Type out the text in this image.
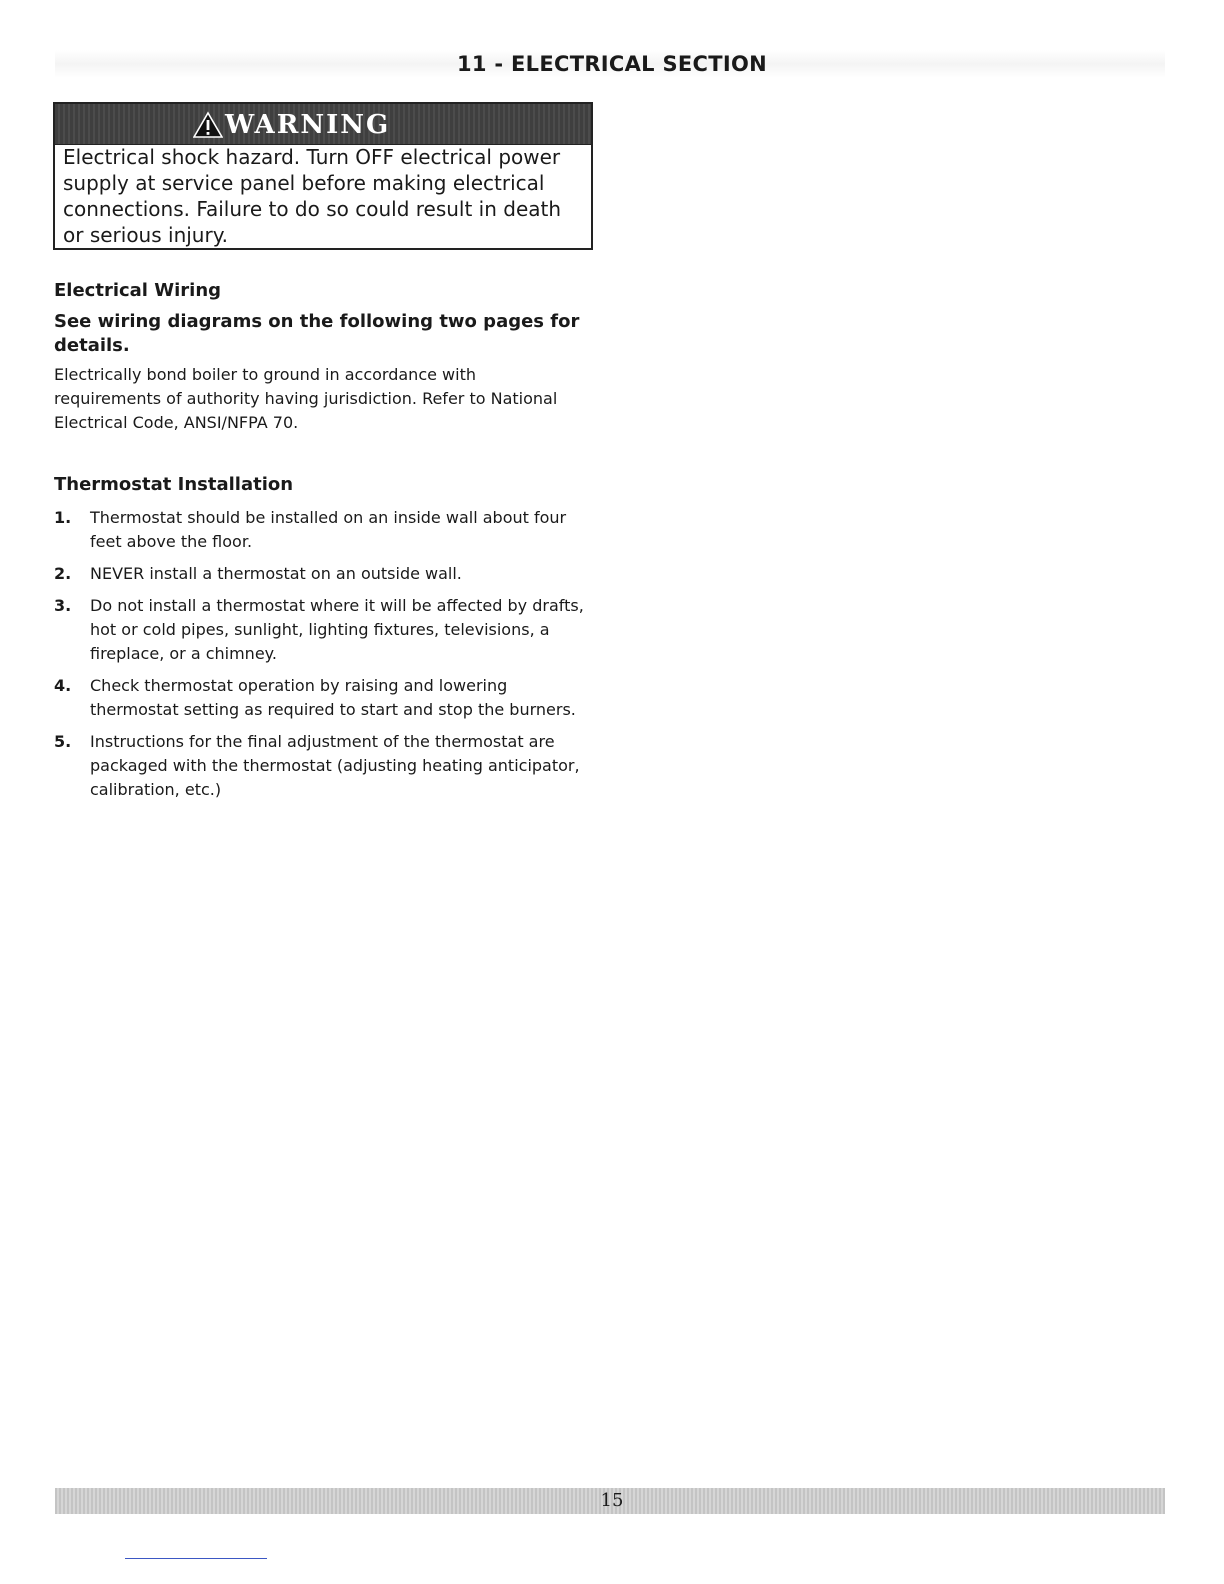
11 - ELECTRICAL SECTION
WARNING
Electrical shock hazard. Turn OFF electrical power supply at service panel before making electrical connections. Failure to do so could result in death or serious injury.
Electrical Wiring
See wiring diagrams on the following two pages for details.
Electrically bond boiler to ground in accordance with requirements of authority having jurisdiction. Refer to National Electrical Code, ANSI/NFPA 70.
Thermostat Installation
1.	Thermostat should be installed on an inside wall about four feet above the floor.
2.	NEVER install a thermostat on an outside wall.
3.	Do not install a thermostat where it will be affected by drafts, hot or cold pipes, sunlight, lighting fixtures, televisions, a fireplace, or a chimney.
4.	Check thermostat operation by raising and lowering thermostat setting as required to start and stop the burners.
5.	Instructions for the final adjustment of the thermostat are packaged with the thermostat (adjusting heating anticipator, calibration, etc.)
15
